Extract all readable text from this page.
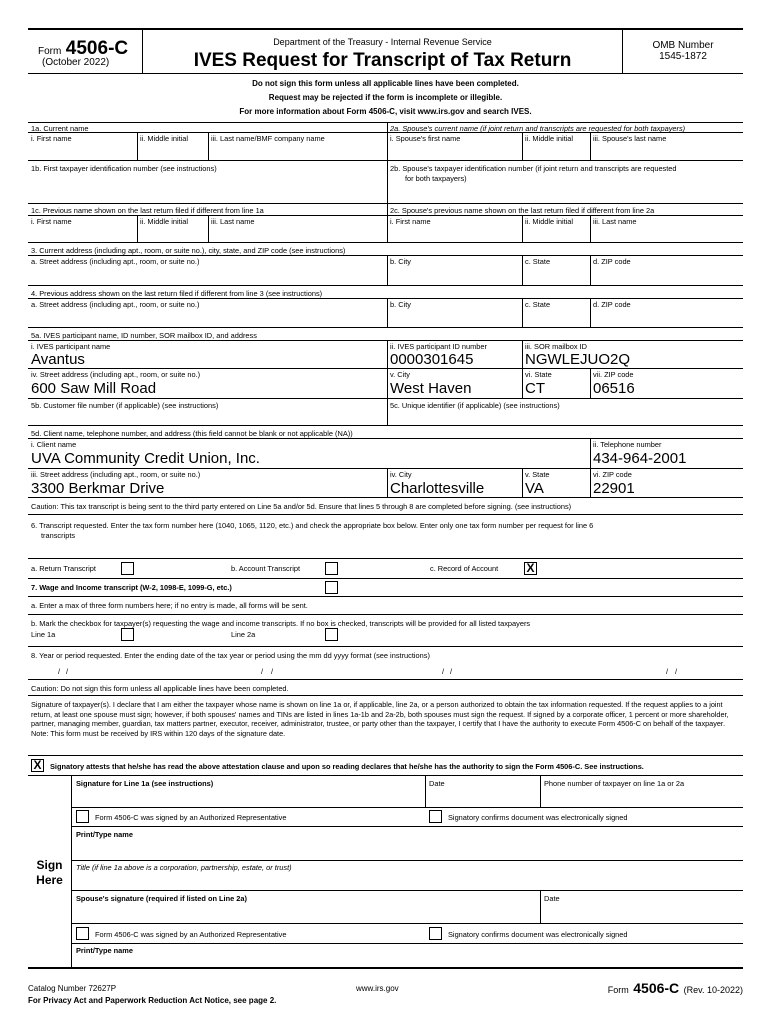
Form 4506-C
(October 2022)
Department of the Treasury - Internal Revenue Service
IVES Request for Transcript of Tax Return
OMB Number
1545-1872
Do not sign this form unless all applicable lines have been completed.
Request may be rejected if the form is incomplete or illegible.
For more information about Form 4506-C, visit www.irs.gov and search IVES.
1a. Current name
i. First name	ii. Middle initial	iii. Last name/BMF company name
2a. Spouse's current name (if joint return and transcripts are requested for both taxpayers)
i. Spouse's first name	ii. Middle initial	iii. Spouse's last name
1b. First taxpayer identification number (see instructions)	2b. Spouse's taxpayer identification number (if joint return and transcripts are requested
for both taxpayers)
1c. Previous name shown on the last return filed if different from line 1a
i. First name	ii. Middle initial	iii. Last name
2c. Spouse's previous name shown on the last return filed if different from line 2a
i. First name	ii. Middle initial	iii. Last name
3. Current address (including apt., room, or suite no.), city, state, and ZIP code (see instructions)
a. Street address (including apt., room, or suite no.)	b. City	c. State	d. ZIP code
4. Previous address shown on the last return filed if different from line 3 (see instructions)
a. Street address (including apt., room, or suite no.)	b. City	c. State	d. ZIP code
5a. IVES participant name, ID number, SOR mailbox ID, and address
i. IVES participant name
Avantus
ii. IVES participant ID number
0000301645
iii. SOR mailbox ID
NGWLEJUO2Q
iv. Street address (including apt., room, or suite no.)
600 Saw Mill Road
v. City
West Haven
vi. State
CT
vii. ZIP code
06516
5b. Customer file number (if applicable) (see instructions)	5c. Unique identifier (if applicable) (see instructions)
5d. Client name, telephone number, and address (this field cannot be blank or not applicable (NA))
i. Client name
UVA Community Credit Union, Inc.
ii. Telephone number
434-964-2001
iii. Street address (including apt., room, or suite no.)
3300 Berkmar Drive
iv. City
Charlottesville
v. State
VA
vi. ZIP code
22901
Caution: This tax transcript is being sent to the third party entered on Line 5a and/or 5d. Ensure that lines 5 through 8 are completed before signing. (see instructions)
6. Transcript requested. Enter the tax form number here (1040, 1065, 1120, etc.) and check the appropriate box below. Enter only one tax form number per request for line 6
transcripts
a. Return Transcript	b. Account Transcript	c. Record of Account X
7. Wage and Income transcript (W-2, 1098-E, 1099-G, etc.)
a. Enter a max of three form numbers here; if no entry is made, all forms will be sent.
b. Mark the checkbox for taxpayer(s) requesting the wage and income transcripts. If no box is checked, transcripts will be provided for all listed taxpayers
Line 1a	Line 2a
8. Year or period requested. Enter the ending date of the tax year or period using the mm dd yyyy format (see instructions)
/ /	/ /	/ /	/ /
Caution: Do not sign this form unless all applicable lines have been completed.
Signature of taxpayer(s). I declare that I am either the taxpayer whose name is shown on line 1a or, if applicable, line 2a, or a person authorized to obtain the tax information requested. If the request applies to a joint return, at least one spouse must sign; however, if both spouses' names and TINs are listed in lines 1a-1b and 2a-2b, both spouses must sign the request. If signed by a corporate officer, 1 percent or more shareholder, partner, managing member, guardian, tax matters partner, executor, receiver, administrator, trustee, or party other than the taxpayer, I certify that I have the authority to execute Form 4506-C on behalf of the taxpayer. Note: This form must be received by IRS within 120 days of the signature date.
X	Signatory attests that he/she has read the above attestation clause and upon so reading declares that he/she has the authority to sign the Form 4506-C. See instructions.
Sign
Here
Signature for Line 1a (see instructions)	Date	Phone number of taxpayer on line 1a or 2a
Form 4506-C was signed by an Authorized Representative	Signatory confirms document was electronically signed
Print/Type name
Title (if line 1a above is a corporation, partnership, estate, or trust)
Spouse's signature (required if listed on Line 2a)	Date
Form 4506-C was signed by an Authorized Representative	Signatory confirms document was electronically signed
Print/Type name
Catalog Number 72627P
For Privacy Act and Paperwork Reduction Act Notice, see page 2.
www.irs.gov	Form 4506-C (Rev. 10-2022)
